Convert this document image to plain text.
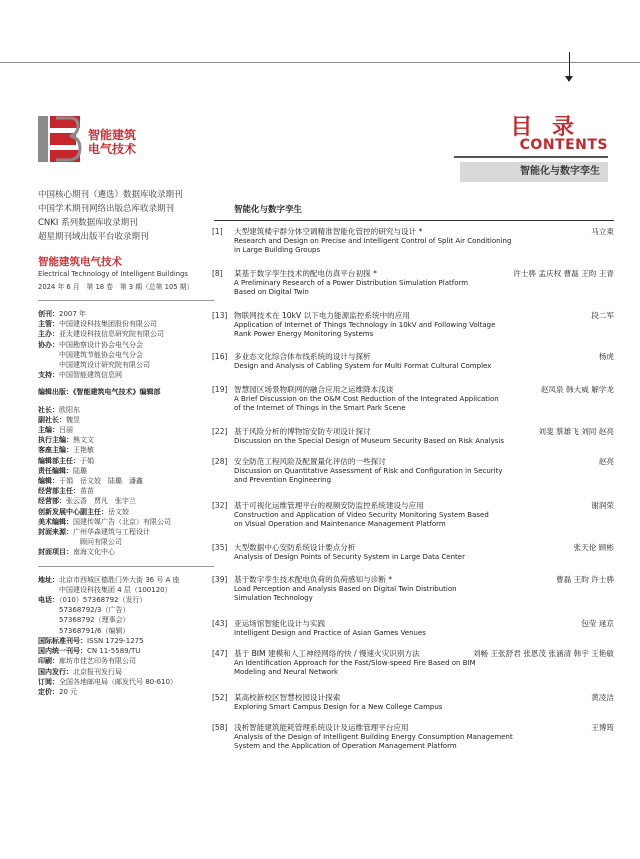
智能建筑
电气技术
目 录
CONTENTS
智能化与数字孪生
中国核心期刊（遴选）数据库收录期刊
中国学术期刊网络出版总库收录期刊
CNKI 系列数据库收录期刊
超星期刊域出版平台收录期刊
智能建筑电气技术
Electrical Technology of Intelligent Buildings
2024 年 6 月　第 18 卷　第 3 期（总第 105 期）
创刊：2007 年
主管：中国建设科技集团股份有限公司
主办：亚太建设科技信息研究院有限公司
协办：中国勘察设计协会电气分会
中国建筑节能协会电气分会
中国建筑设计研究院有限公司
支持：中国智能建筑信息网
编辑出版：《智能建筑电气技术》编辑部
社长：欧阳东
副社长：魏昱
主编：吕丽
执行主编：熊文文
客座主编：王艳敏
编辑部主任：于娟
责任编辑：陆璐
编辑：于娟　岳文姣　陆璐　潘鑫
经营部主任：苗苗
经营部：张云香　贾凡　张宇兰
创新发展中心副主任：岳文姣
美术编辑：国建传媒广告（北京）有限公司
封面来源：广州华森建筑与工程设计
顾问有限公司
封面项目：南海文化中心
地址：北京市西城区德胜门外大街 36 号 A 座
中国建设科技集团 4 层（100120）
电话：（010）57368792（发行）
57368792/3（广告）
57368792（理事会）
57368791/6（编辑）
国际标准刊号：ISSN 1729-1275
国内统一刊号：CN 11-5589/TU
印刷：廊坊市佳艺印务有限公司
国内发行：北京报刊发行局
订阅：全国各地邮电局（邮发代号 80-610）
定价：20 元
智能化与数字孪生
[1] 大型建筑楼宇群分体空调精准智能化管控的研究与设计 *
Research and Design on Precise and Intelligent Control of Split Air Conditioning
in Large Building Groups
马立東
[8] 某基于数字孪生技术的配电仿真平台初探 *
A Preliminary Research of a Power Distribution Simulation Platform
Based on Digital Twin
许士骅 孟庆权 曹磊 王昀 王青
[13] 物联网技术在 10kV 以下电力能源监控系统中的应用
Application of Internet of Things Technology in 10kV and Following Voltage
Rank Power Energy Monitoring Systems
段二军
[16] 多业态文化综合体布线系统的设计与探析
Design and Analysis of Cabling System for Multi Format Cultural Complex
杨虎
[19] 智慧园区场景物联网的融合应用之运维降本浅谈
A Brief Discussion on the O&M Cost Reduction of the Integrated Application
of the Internet of Things in the Smart Park Scene
赵凤泉 韩大威 解学龙
[22] 基于风险分析的博物馆安防专项设计探讨
Discussion on the Special Design of Museum Security Based on Risk Analysis
刘斐 蔡雄飞 刘同 赵亮
[28] 安全防范工程风险及配置量化评估的一些探讨
Discussion on Quantitative Assessment of Risk and Configuration in Security
and Prevention Engineering
赵亮
[32] 基于可视化运维管理平台的视频安防监控系统建设与应用
Construction and Application of Video Security Monitoring System Based
on Visual Operation and Maintenance Management Platform
谢润荣
[35] 大型数据中心安防系统设计要点分析
Analysis of Design Points of Security System in Large Data Center
张天伦 顾彬
[39] 基于数字孪生技术配电负荷的负荷感知与诊断 *
Load Perception and Analysis Based on Digital Twin Distribution
Simulation Technology
曹磊 王昀 许士骅
[43] 亚运场馆智能化设计与实践
Intelligent Design and Practice of Asian Games Venues
包莹 逯京
[47] 基于 BIM 建模和人工神经网络的快 / 慢速火灾识别方法
An Identification Approach for the Fast/Slow-speed Fire Based on BIM
Modeling and Neural Network
刘畅 王张舒君 张恩茂 张涵清 韩宇 王艳敏
[52] 某高校新校区智慧校园设计探索
Exploring Smart Campus Design for a New College Campus
黄凌洁
[58] 浅析智能建筑能耗管理系统设计及运维管理平台应用
Analysis of the Design of Intelligent Building Energy Consumption Management
System and the Application of Operation Management Platform
王博筠
